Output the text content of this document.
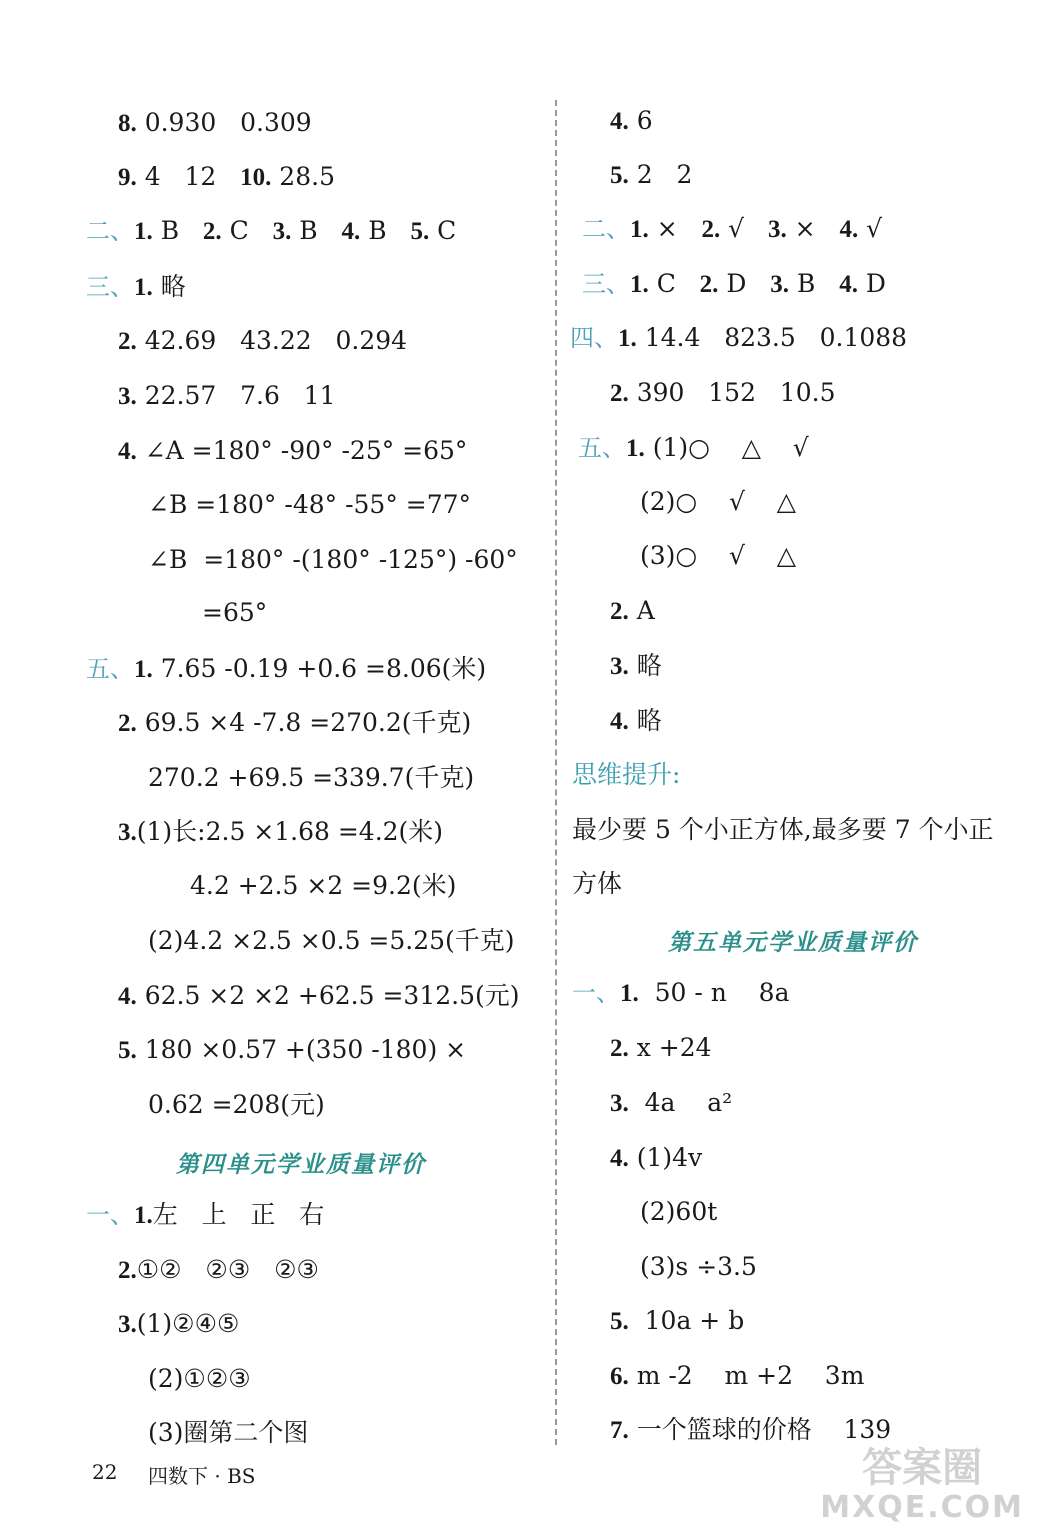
8. 0.930   0.309
9. 4   12   10. 28.5
二、1. B   2. C   3. B   4. B   5. C
三、1. 略
2. 42.69   43.22   0.294
3. 22.57   7.6   11
4. ∠A =180° -90° -25° =65°
∠B =180° -48° -55° =77°
∠B  =180° -(180° -125°) -60°
=65°
五、1. 7.65 -0.19 +0.6 =8.06(米)
2. 69.5 ×4 -7.8 =270.2(千克)
270.2 +69.5 =339.7(千克)
3.(1)长:2.5 ×1.68 =4.2(米)
4.2 +2.5 ×2 =9.2(米)
(2)4.2 ×2.5 ×0.5 =5.25(千克)
4. 62.5 ×2 ×2 +62.5 =312.5(元)
5. 180 ×0.57 +(350 -180) ×
0.62 =208(元)
第四单元学业质量评价
一、1.左   上   正   右
2.①②   ②③   ②③
3.(1)②④⑤
(2)①②③
(3)圈第二个图
4. 6
5. 2   2
二、1. ×   2. √   3. ×   4. √
三、1. C   2. D   3. B   4. D
四、1. 14.4   823.5   0.1088
2. 390   152   10.5
五、1. (1)○    △    √
(2)○    √    △
(3)○    √    △
2. A
3. 略
4. 略
思维提升:
最少要 5 个小正方体,最多要 7 个小正
方体
第五单元学业质量评价
一、1.  50 - n    8a
2. x +24
3.  4a    a²
4. (1)4v
(2)60t
(3)s ÷3.5
5.  10a + b
6. m -2    m +2    3m
7. 一个篮球的价格    139
22 四数下 · BS	答案圈
MXQE.COM
